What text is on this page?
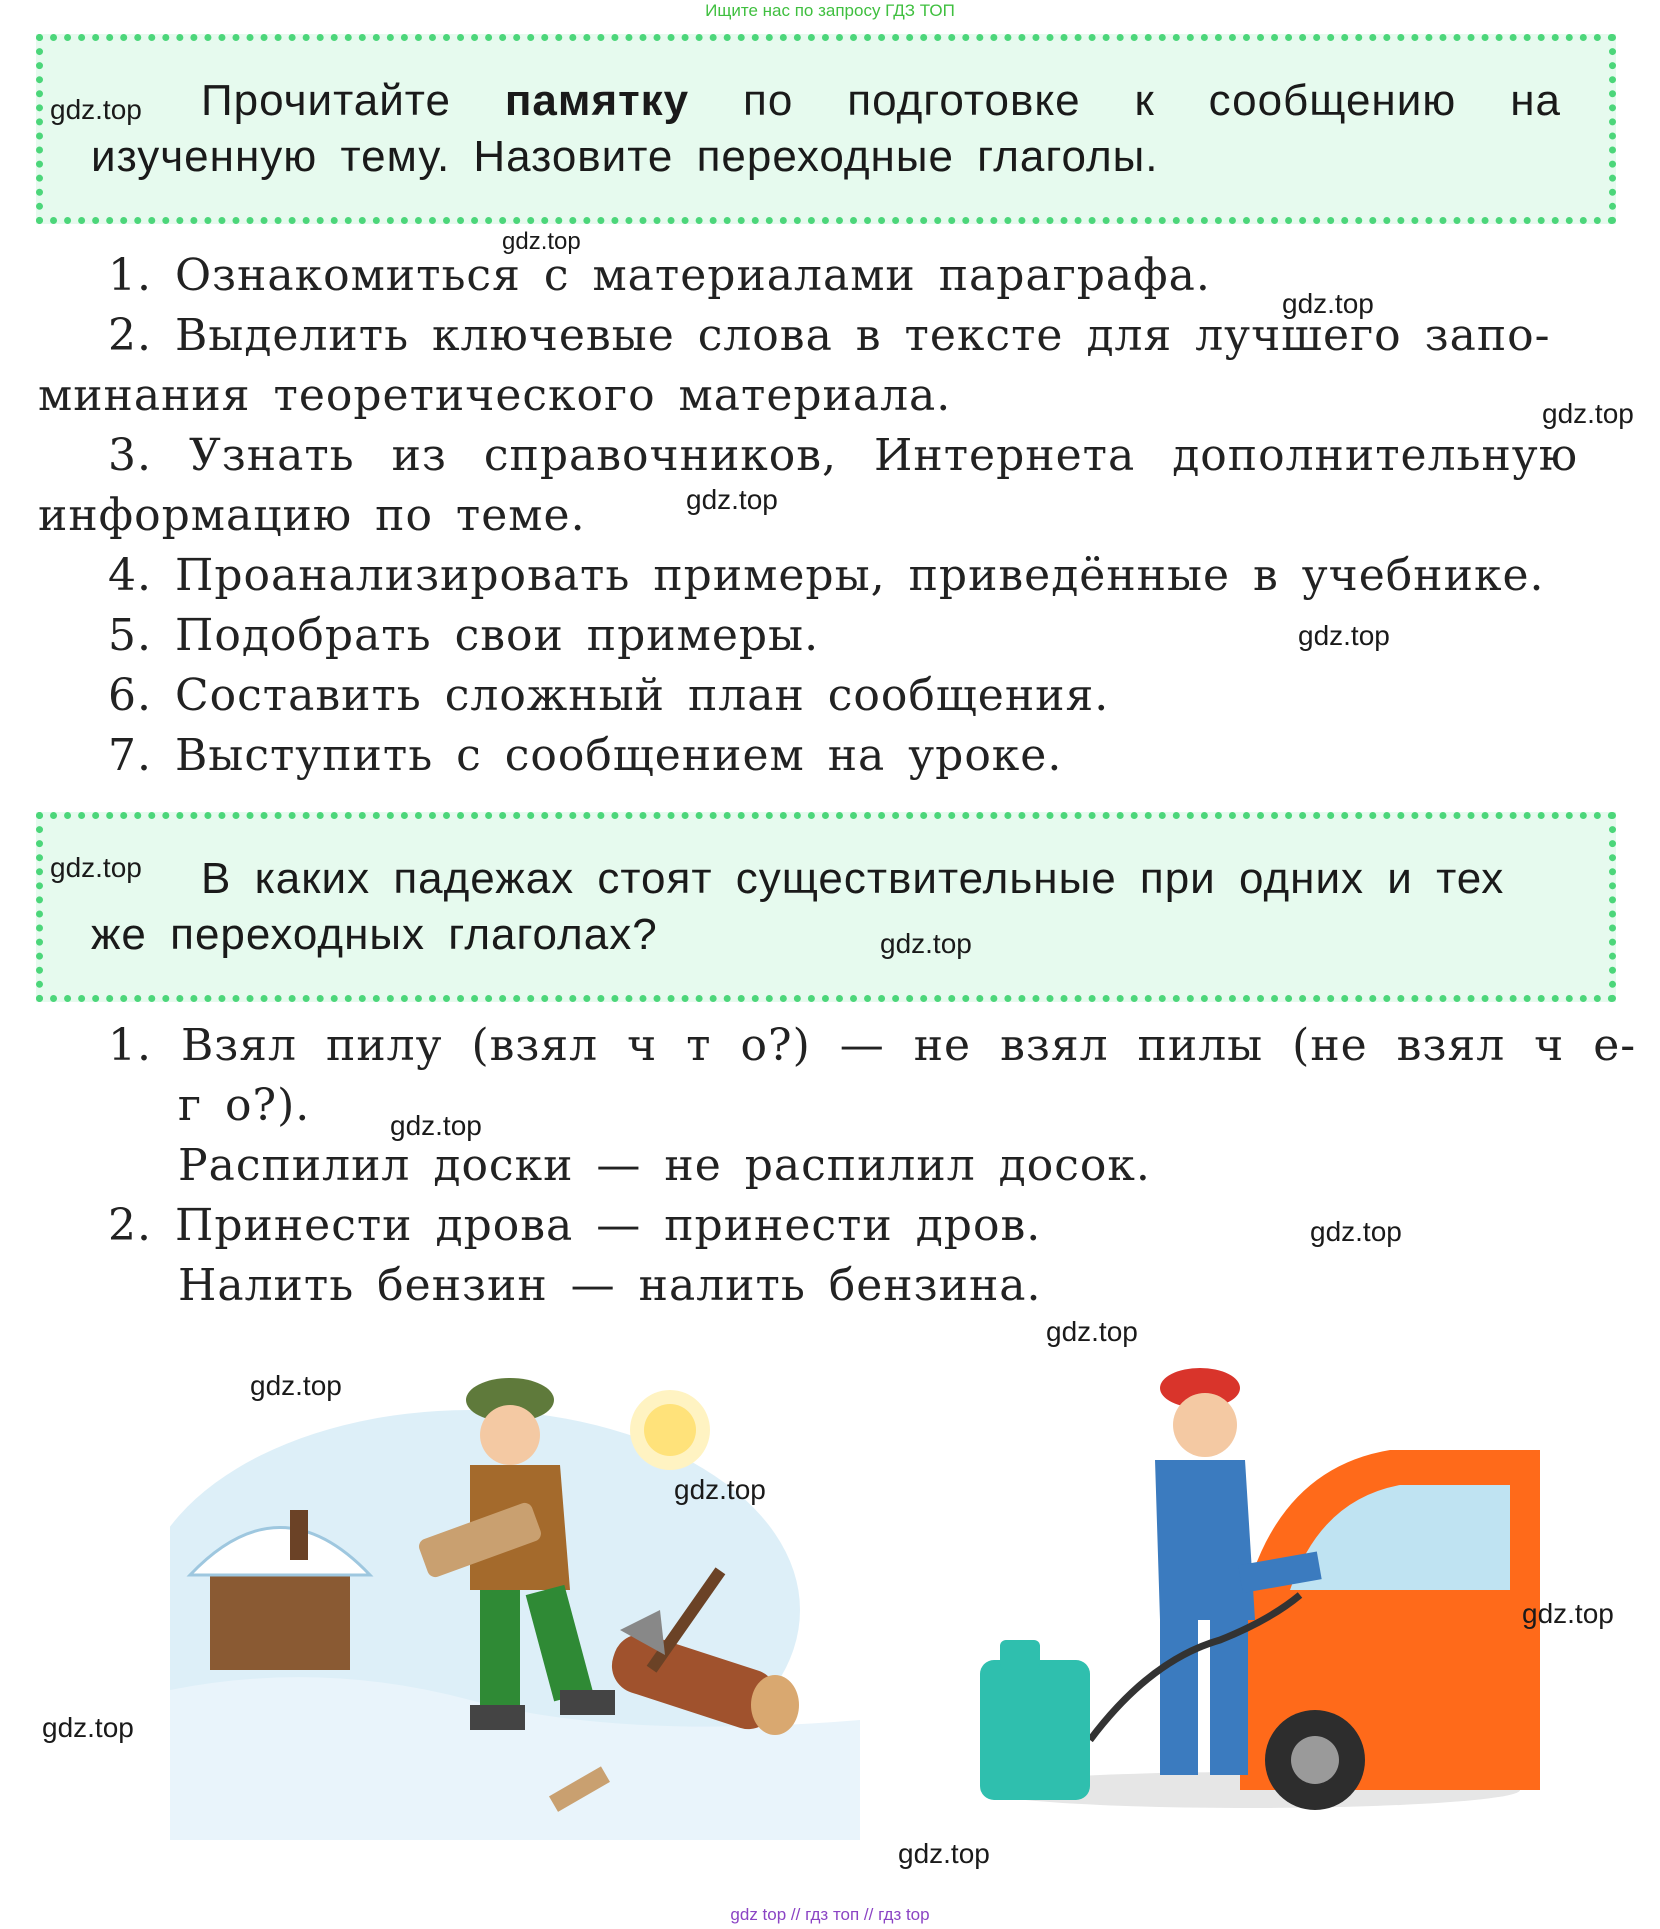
Ищите нас по запросу ГДЗ ТОП
Прочитайте памятку по подготовке к сообщению на изученную тему. Назовите переходные глаголы.
1. Ознакомиться с материалами параграфа.
2. Выделить ключевые слова в тексте для лучшего запо-
минания теоретического материала.
3. Узнать из справочников, Интернета дополнительную
информацию по теме.
4. Проанализировать примеры, приведённые в учебнике.
5. Подобрать свои примеры.
6. Составить сложный план сообщения.
7. Выступить с сообщением на уроке.
В каких падежах стоят существительные при одних и тех же переходных глаголах?
1. Взял пилу (взял ч т о?) — не взял пилы (не взял ч е-
г о?).
Распилил доски — не распилил досок.
2. Принести дрова — принести дров.
Налить бензин — налить бензина.
gdz.top
gdz.top
gdz.top
gdz.top
gdz.top
gdz.top
gdz.top
gdz.top
gdz.top
gdz.top
gdz.top
gdz.top
gdz.top
gdz.top
gdz.top
gdz.top
gdz top // гдз топ // гдз top
